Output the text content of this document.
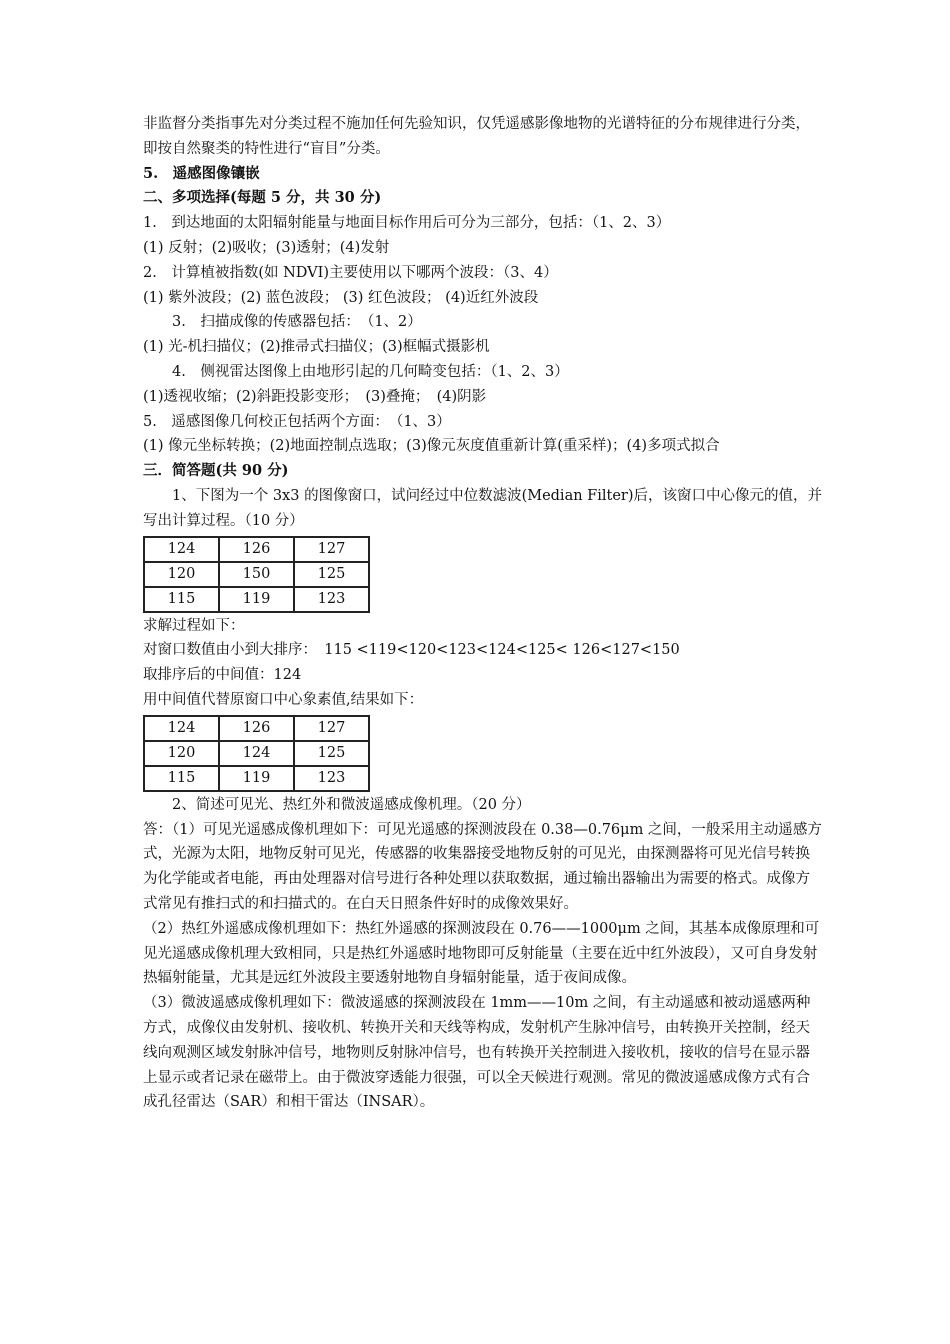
非监督分类指事先对分类过程不施加任何先验知识，仅凭遥感影像地物的光谱特征的分布规律进行分类，即按自然聚类的特性进行“盲目”分类。

5.　遥感图像镶嵌

二、多项选择(每题 5 分，共 30 分)

1.　到达地面的太阳辐射能量与地面目标作用后可分为三部分，包括：（1、2、3）

(1) 反射；(2)吸收；(3)透射；(4)发射

2.　计算植被指数(如 NDVI)主要使用以下哪两个波段：（3、4）

(1) 紫外波段；(2) 蓝色波段； (3) 红色波段； (4)近红外波段

3.　扫描成像的传感器包括：　（1、2）

(1) 光-机扫描仪；(2)推帚式扫描仪；(3)框幅式摄影机

4.　侧视雷达图像上由地形引起的几何畸变包括：（1、2、3）

(1)透视收缩；(2)斜距投影变形；　(3)叠掩；　(4)阴影

5.　遥感图像几何校正包括两个方面：　（1、3）

(1) 像元坐标转换；(2)地面控制点选取；(3)像元灰度值重新计算(重采样)；(4)多项式拟合

三．简答题(共 90 分)

1、下图为一个 3x3 的图像窗口，试问经过中位数滤波(Median Filter)后，该窗口中心像元的值，并写出计算过程。（10 分）

124	126	127
120	150	125
115	119	123

求解过程如下：

对窗口数值由小到大排序：　115 <119<120<123<124<125< 126<127<150

取排序后的中间值：124

用中间值代替原窗口中心象素值,结果如下：

124	126	127
120	124	125
115	119	123

2、简述可见光、热红外和微波遥感成像机理。（20 分）

答：（1）可见光遥感成像机理如下：可见光遥感的探测波段在 0.38—0.76μm 之间，一般采用主动遥感方式，光源为太阳，地物反射可见光，传感器的收集器接受地物反射的可见光，由探测器将可见光信号转换为化学能或者电能，再由处理器对信号进行各种处理以获取数据，通过输出器输出为需要的格式。成像方式常见有推扫式的和扫描式的。在白天日照条件好时的成像效果好。

（2）热红外遥感成像机理如下：热红外遥感的探测波段在 0.76——1000μm 之间，其基本成像原理和可见光遥感成像机理大致相同，只是热红外遥感时地物即可反射能量（主要在近中红外波段），又可自身发射热辐射能量，尤其是远红外波段主要透射地物自身辐射能量，适于夜间成像。

（3）微波遥感成像机理如下：微波遥感的探测波段在 1mm——10m 之间，有主动遥感和被动遥感两种方式，成像仪由发射机、接收机、转换开关和天线等构成，发射机产生脉冲信号，由转换开关控制，经天线向观测区域发射脉冲信号，地物则反射脉冲信号，也有转换开关控制进入接收机，接收的信号在显示器上显示或者记录在磁带上。由于微波穿透能力很强，可以全天候进行观测。常见的微波遥感成像方式有合成孔径雷达（SAR）和相干雷达（INSAR）。
